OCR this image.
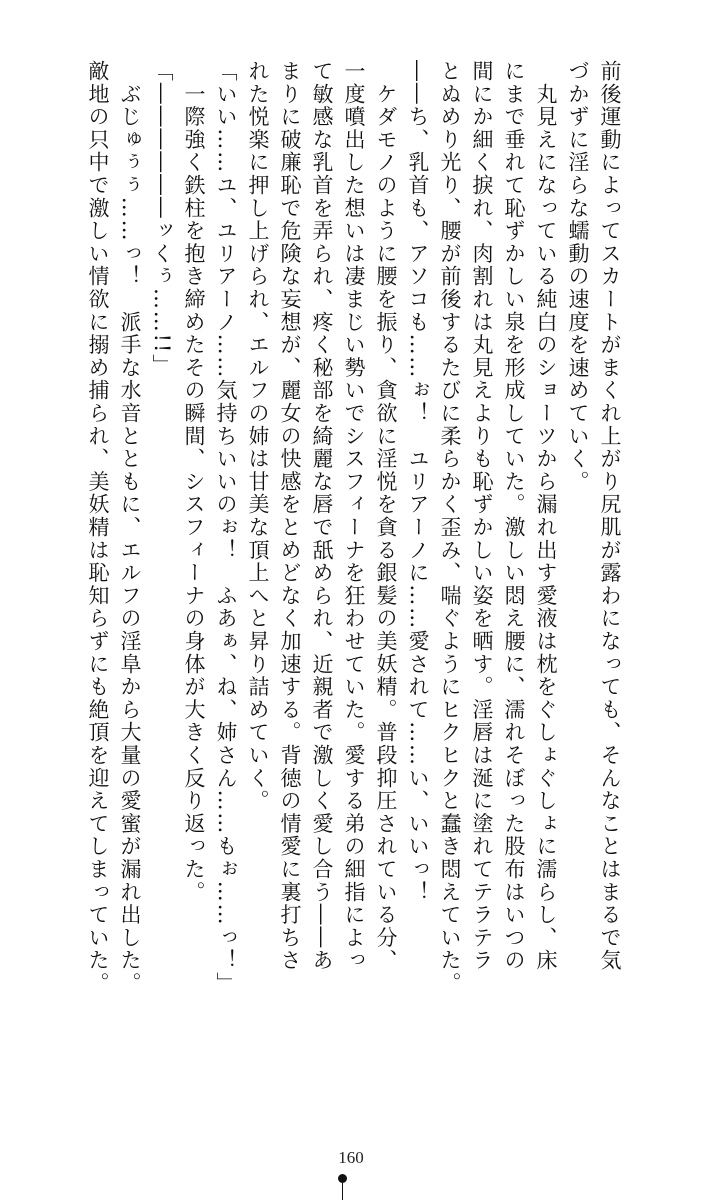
前後運動によってスカートがまくれ上がり尻肌が露わになっても、そんなことはまるで気
づかずに淫らな蠕動の速度を速めていく。
　丸見えになっている純白のショーツから漏れ出す愛液は枕をぐしょぐしょに濡らし、床
にまで垂れて恥ずかしい泉を形成していた。激しい悶え腰に、濡れそぼった股布はいつの
間にか細く捩れ、肉割れは丸見えよりも恥ずかしい姿を晒す。淫唇は涎に塗れてテラテラ
とぬめり光り、腰が前後するたびに柔らかく歪み、喘ぐようにヒクヒクと蠢き悶えていた。
――ち、乳首も、アソコも……ぉ！　ユリアーノに……愛されて……い、いいっ！
　ケダモノのように腰を振り、貪欲に淫悦を貪る銀髪の美妖精。普段抑圧されている分、
一度噴出した想いは凄まじい勢いでシスフィーナを狂わせていた。愛する弟の細指によっ
て敏感な乳首を弄られ、疼く秘部を綺麗な唇で舐められ、近親者で激しく愛し合う――あ
まりに破廉恥で危険な妄想が、麗女の快感をとめどなく加速する。背徳の情愛に裏打ちさ
れた悦楽に押し上げられ、エルフの姉は甘美な頂上へと昇り詰めていく。
「いい……ユ、ユリアーノ……気持ちいいのぉ！　ふあぁ、ね、姉さん……もぉ……っ！」
　一際強く鉄柱を抱き締めたその瞬間、シスフィーナの身体が大きく反り返った。
「――――――ッくぅ……!!」
　ぶじゅぅぅ……っ！　派手な水音とともに、エルフの淫阜から大量の愛蜜が漏れ出した。
敵地の只中で激しい情欲に搦め捕られ、美妖精は恥知らずにも絶頂を迎えてしまっていた。
160
